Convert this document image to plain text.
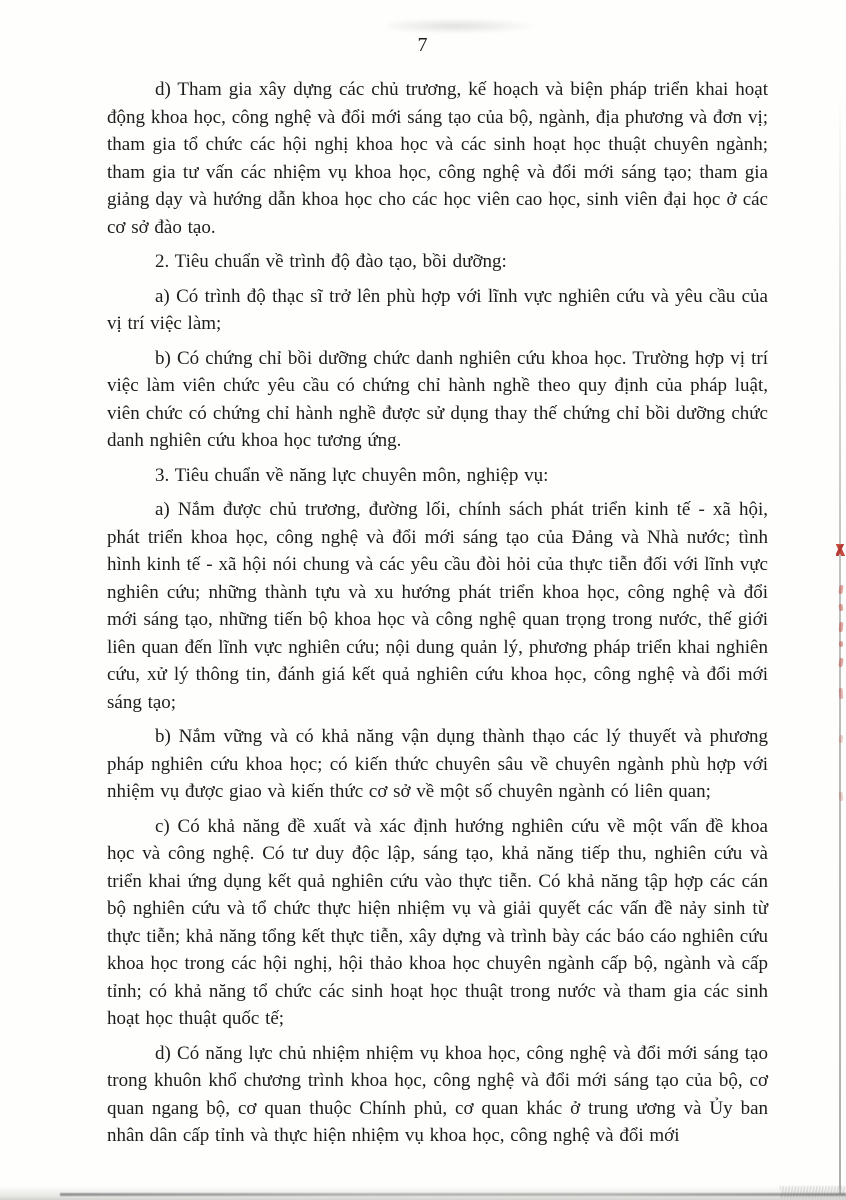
7

d) Tham gia xây dựng các chủ trương, kế hoạch và biện pháp triển khai hoạt động khoa học, công nghệ và đổi mới sáng tạo của bộ, ngành, địa phương và đơn vị; tham gia tổ chức các hội nghị khoa học và các sinh hoạt học thuật chuyên ngành; tham gia tư vấn các nhiệm vụ khoa học, công nghệ và đổi mới sáng tạo; tham gia giảng dạy và hướng dẫn khoa học cho các học viên cao học, sinh viên đại học ở các cơ sở đào tạo.

2. Tiêu chuẩn về trình độ đào tạo, bồi dưỡng:

a) Có trình độ thạc sĩ trở lên phù hợp với lĩnh vực nghiên cứu và yêu cầu của vị trí việc làm;

b) Có chứng chỉ bồi dưỡng chức danh nghiên cứu khoa học. Trường hợp vị trí việc làm viên chức yêu cầu có chứng chỉ hành nghề theo quy định của pháp luật, viên chức có chứng chỉ hành nghề được sử dụng thay thế chứng chỉ bồi dưỡng chức danh nghiên cứu khoa học tương ứng.

3. Tiêu chuẩn về năng lực chuyên môn, nghiệp vụ:

a) Nắm được chủ trương, đường lối, chính sách phát triển kinh tế - xã hội, phát triển khoa học, công nghệ và đổi mới sáng tạo của Đảng và Nhà nước; tình hình kinh tế - xã hội nói chung và các yêu cầu đòi hỏi của thực tiễn đối với lĩnh vực nghiên cứu; những thành tựu và xu hướng phát triển khoa học, công nghệ và đổi mới sáng tạo, những tiến bộ khoa học và công nghệ quan trọng trong nước, thế giới liên quan đến lĩnh vực nghiên cứu; nội dung quản lý, phương pháp triển khai nghiên cứu, xử lý thông tin, đánh giá kết quả nghiên cứu khoa học, công nghệ và đổi mới sáng tạo;

b) Nắm vững và có khả năng vận dụng thành thạo các lý thuyết và phương pháp nghiên cứu khoa học; có kiến thức chuyên sâu về chuyên ngành phù hợp với nhiệm vụ được giao và kiến thức cơ sở về một số chuyên ngành có liên quan;

c) Có khả năng đề xuất và xác định hướng nghiên cứu về một vấn đề khoa học và công nghệ. Có tư duy độc lập, sáng tạo, khả năng tiếp thu, nghiên cứu và triển khai ứng dụng kết quả nghiên cứu vào thực tiễn. Có khả năng tập hợp các cán bộ nghiên cứu và tổ chức thực hiện nhiệm vụ và giải quyết các vấn đề nảy sinh từ thực tiễn; khả năng tổng kết thực tiễn, xây dựng và trình bày các báo cáo nghiên cứu khoa học trong các hội nghị, hội thảo khoa học chuyên ngành cấp bộ, ngành và cấp tỉnh; có khả năng tổ chức các sinh hoạt học thuật trong nước và tham gia các sinh hoạt học thuật quốc tế;

d) Có năng lực chủ nhiệm nhiệm vụ khoa học, công nghệ và đổi mới sáng tạo trong khuôn khổ chương trình khoa học, công nghệ và đổi mới sáng tạo của bộ, cơ quan ngang bộ, cơ quan thuộc Chính phủ, cơ quan khác ở trung ương và Ủy ban nhân dân cấp tỉnh và thực hiện nhiệm vụ khoa học, công nghệ và đổi mới
